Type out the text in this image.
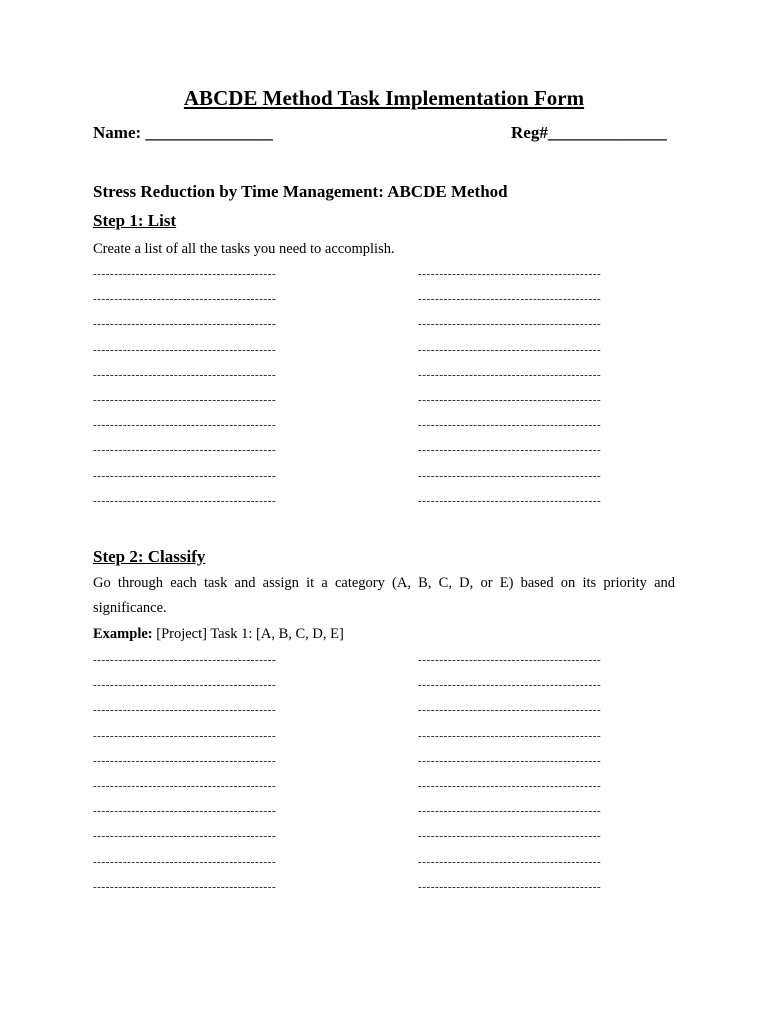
ABCDE Method Task Implementation Form
Name: _______________	Reg#______________
Stress Reduction by Time Management: ABCDE Method
Step 1: List
Create a list of all the tasks you need to accomplish.
-------------------------------------------	-------------------------------------------
-------------------------------------------	-------------------------------------------
-------------------------------------------	-------------------------------------------
-------------------------------------------	-------------------------------------------
-------------------------------------------	-------------------------------------------
-------------------------------------------	-------------------------------------------
-------------------------------------------	-------------------------------------------
-------------------------------------------	-------------------------------------------
-------------------------------------------	-------------------------------------------
-------------------------------------------	-------------------------------------------
Step 2: Classify
Go through each task and assign it a category (A, B, C, D, or E) based on its priority and significance.
Example: [Project] Task 1: [A, B, C, D, E]
-------------------------------------------	-------------------------------------------
-------------------------------------------	-------------------------------------------
-------------------------------------------	-------------------------------------------
-------------------------------------------	-------------------------------------------
-------------------------------------------	-------------------------------------------
-------------------------------------------	-------------------------------------------
-------------------------------------------	-------------------------------------------
-------------------------------------------	-------------------------------------------
-------------------------------------------	-------------------------------------------
-------------------------------------------	-------------------------------------------
